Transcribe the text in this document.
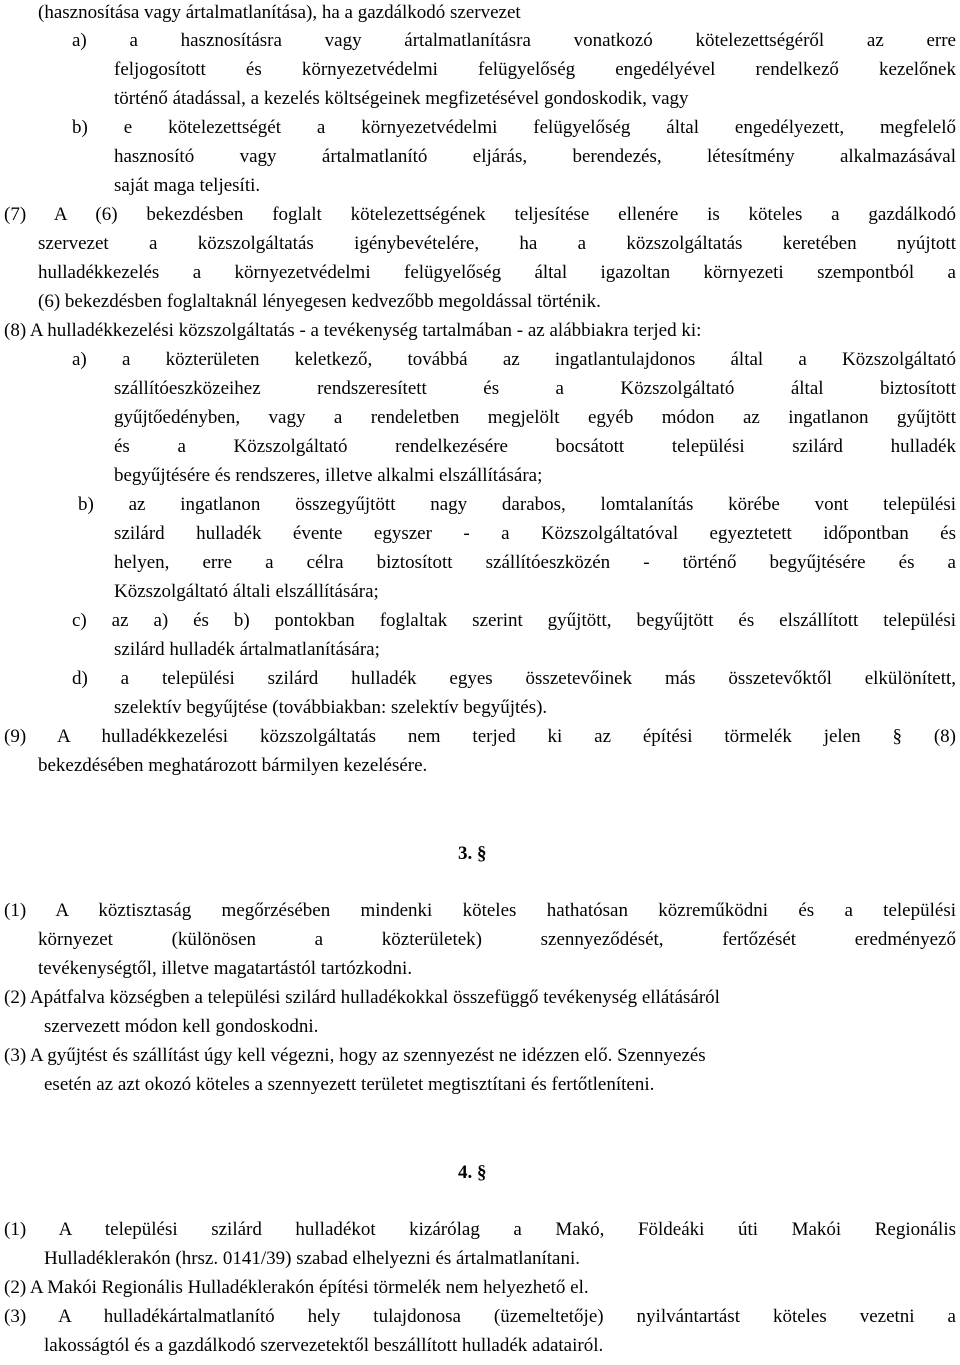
(hasznosítása vagy ártalmatlanítása), ha a gazdálkodó szervezet
a) a hasznosításra vagy ártalmatlanításra vonatkozó kötelezettségéről az erre
feljogosított és környezetvédelmi felügyelőség engedélyével rendelkező kezelőnek
történő átadással, a kezelés költségeinek megfizetésével gondoskodik, vagy
b) e kötelezettségét a környezetvédelmi felügyelőség által engedélyezett, megfelelő
hasznosító vagy ártalmatlanító eljárás, berendezés, létesítmény alkalmazásával
saját maga teljesíti.
(7) A (6) bekezdésben foglalt kötelezettségének teljesítése ellenére is köteles a gazdálkodó
szervezet a közszolgáltatás igénybevételére, ha a közszolgáltatás keretében nyújtott
hulladékkezelés a környezetvédelmi felügyelőség által igazoltan környezeti szempontból a
(6) bekezdésben foglaltaknál lényegesen kedvezőbb megoldással történik.
(8) A hulladékkezelési közszolgáltatás - a tevékenység tartalmában - az alábbiakra terjed ki:
a) a közterületen keletkező, továbbá az ingatlantulajdonos által a Közszolgáltató
szállítóeszközeihez rendszeresített és a Közszolgáltató által biztosított
gyűjtőedényben, vagy a rendeletben megjelölt egyéb módon az ingatlanon gyűjtött
és a Közszolgáltató rendelkezésére bocsátott települési szilárd hulladék
begyűjtésére és rendszeres, illetve alkalmi elszállítására;
b) az ingatlanon összegyűjtött nagy darabos, lomtalanítás körébe vont települési
szilárd hulladék évente egyszer - a Közszolgáltatóval egyeztetett időpontban és
helyen, erre a célra biztosított szállítóeszközén - történő begyűjtésére és a
Közszolgáltató általi elszállítására;
c) az a) és b) pontokban foglaltak szerint gyűjtött, begyűjtött és elszállított települési
szilárd hulladék ártalmatlanítására;
d) a települési szilárd hulladék egyes összetevőinek más összetevőktől elkülönített,
szelektív begyűjtése (továbbiakban: szelektív begyűjtés).
(9) A hulladékkezelési közszolgáltatás nem terjed ki az építési törmelék jelen § (8)
bekezdésében meghatározott bármilyen kezelésére.
3. §
(1) A köztisztaság megőrzésében mindenki köteles hathatósan közreműködni és a települési
környezet (különösen a közterületek) szennyeződését, fertőzését eredményező
tevékenységtől, illetve magatartástól tartózkodni.
(2) Apátfalva községben a települési szilárd hulladékokkal összefüggő tevékenység ellátásáról
szervezett módon kell gondoskodni.
(3) A gyűjtést és szállítást úgy kell végezni, hogy az szennyezést ne idézzen elő. Szennyezés
esetén az azt okozó köteles a szennyezett területet megtisztítani és fertőtleníteni.
4. §
(1) A települési szilárd hulladékot kizárólag a Makó, Földeáki úti Makói Regionális
Hulladéklerakón (hrsz. 0141/39) szabad elhelyezni és ártalmatlanítani.
(2) A Makói Regionális Hulladéklerakón építési törmelék nem helyezhető el.
(3) A hulladékártalmatlanító hely tulajdonosa (üzemeltetője) nyilvántartást köteles vezetni a
lakosságtól és a gazdálkodó szervezetektől beszállított hulladék adatairól.
